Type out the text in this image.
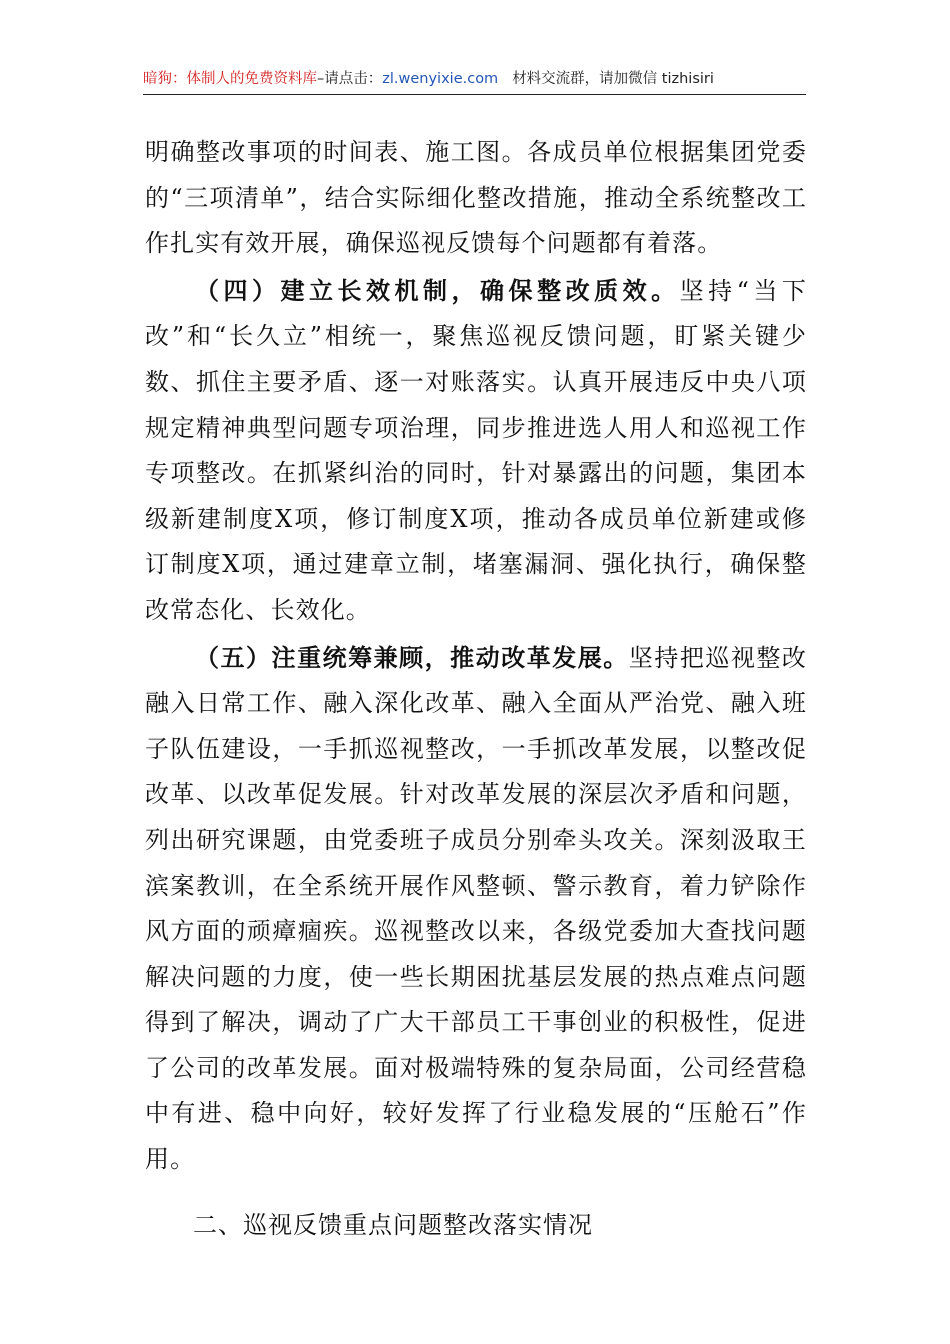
暗狗：体制人的免费资料库–请点击：zl.wenyixie.com 材料交流群，请加微信 tizhisiri

明确整改事项的时间表、施工图。各成员单位根据集团党委的“三项清单”，结合实际细化整改措施，推动全系统整改工作扎实有效开展，确保巡视反馈每个问题都有着落。

（四）建立长效机制，确保整改质效。坚持“当下改”和“长久立”相统一，聚焦巡视反馈问题，盯紧关键少数、抓住主要矛盾、逐一对账落实。认真开展违反中央八项规定精神典型问题专项治理，同步推进选人用人和巡视工作专项整改。在抓紧纠治的同时，针对暴露出的问题，集团本级新建制度X项，修订制度X项，推动各成员单位新建或修订制度X项，通过建章立制，堵塞漏洞、强化执行，确保整改常态化、长效化。

（五）注重统筹兼顾，推动改革发展。坚持把巡视整改融入日常工作、融入深化改革、融入全面从严治党、融入班子队伍建设，一手抓巡视整改，一手抓改革发展，以整改促改革、以改革促发展。针对改革发展的深层次矛盾和问题，列出研究课题，由党委班子成员分别牵头攻关。深刻汲取王滨案教训，在全系统开展作风整顿、警示教育，着力铲除作风方面的顽瘴痼疾。巡视整改以来，各级党委加大查找问题解决问题的力度，使一些长期困扰基层发展的热点难点问题得到了解决，调动了广大干部员工干事创业的积极性，促进了公司的改革发展。面对极端特殊的复杂局面，公司经营稳中有进、稳中向好，较好发挥了行业稳发展的“压舱石”作用。

二、巡视反馈重点问题整改落实情况
